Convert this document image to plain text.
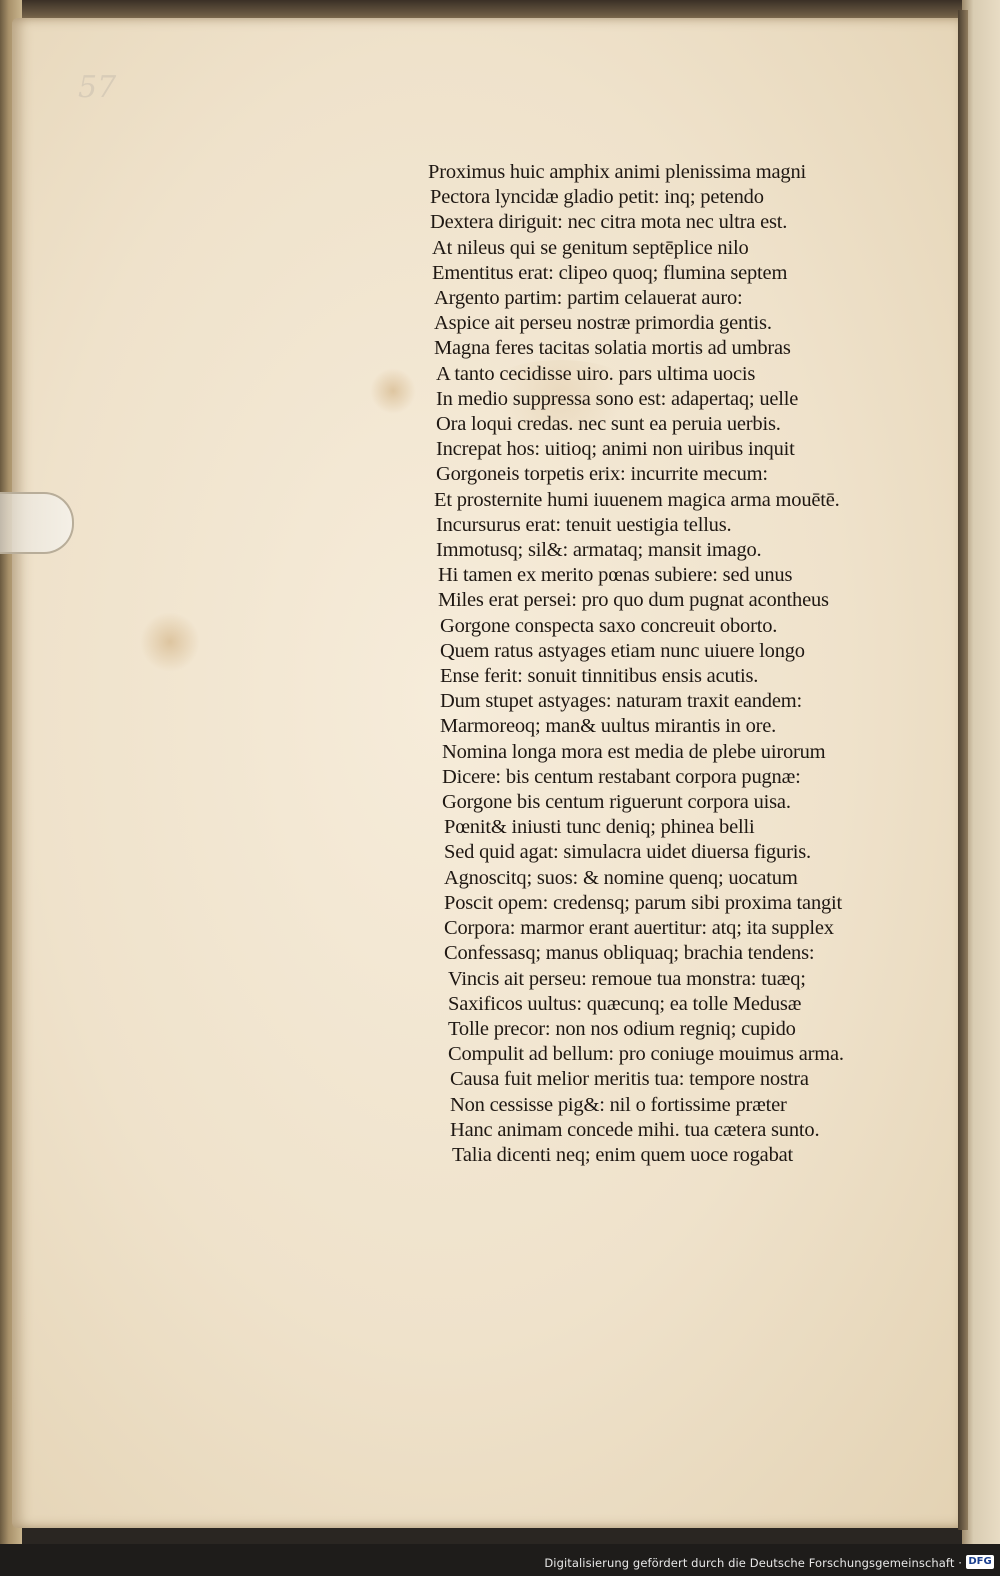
57
Proximus huic amphix animi plenissima magni
Pectora lyncidæ gladio petit: inq; petendo
Dextera diriguit: nec citra mota nec ultra est.
At nileus qui se genitum septēplice nilo
Ementitus erat: clipeo quoq; flumina septem
Argento partim: partim celauerat auro:
Aspice ait perseu nostræ primordia gentis.
Magna feres tacitas solatia mortis ad umbras
A tanto cecidisse uiro. pars ultima uocis
In medio suppressa sono est: adapertaq; uelle
Ora loqui credas. nec sunt ea peruia uerbis.
Increpat hos: uitioq; animi non uiribus inquit
Gorgoneis torpetis erix: incurrite mecum:
Et prosternite humi iuuenem magica arma mouētē.
Incursurus erat: tenuit uestigia tellus.
Immotusq; sil&: armataq; mansit imago.
Hi tamen ex merito pœnas subiere: sed unus
Miles erat persei: pro quo dum pugnat acontheus
Gorgone conspecta saxo concreuit oborto.
Quem ratus astyages etiam nunc uiuere longo
Ense ferit: sonuit tinnitibus ensis acutis.
Dum stupet astyages: naturam traxit eandem:
Marmoreoq; man& uultus mirantis in ore.
Nomina longa mora est media de plebe uirorum
Dicere: bis centum restabant corpora pugnæ:
Gorgone bis centum riguerunt corpora uisa.
Pœnit& iniusti tunc deniq; phinea belli
Sed quid agat: simulacra uidet diuersa figuris.
Agnoscitq; suos: & nomine quenq; uocatum
Poscit opem: credensq; parum sibi proxima tangit
Corpora: marmor erant auertitur: atq; ita supplex
Confessasq; manus obliquaq; brachia tendens:
Vincis ait perseu: remoue tua monstra: tuæq;
Saxificos uultus: quæcunq; ea tolle Medusæ
Tolle precor: non nos odium regniq; cupido
Compulit ad bellum: pro coniuge mouimus arma.
Causa fuit melior meritis tua: tempore nostra
Non cessisse pig&: nil o fortissime præter
Hanc animam concede mihi. tua cætera sunto.
Talia dicenti neq; enim quem uoce rogabat
Digitalisierung gefördert durch die Deutsche Forschungsgemeinschaft · DFG
